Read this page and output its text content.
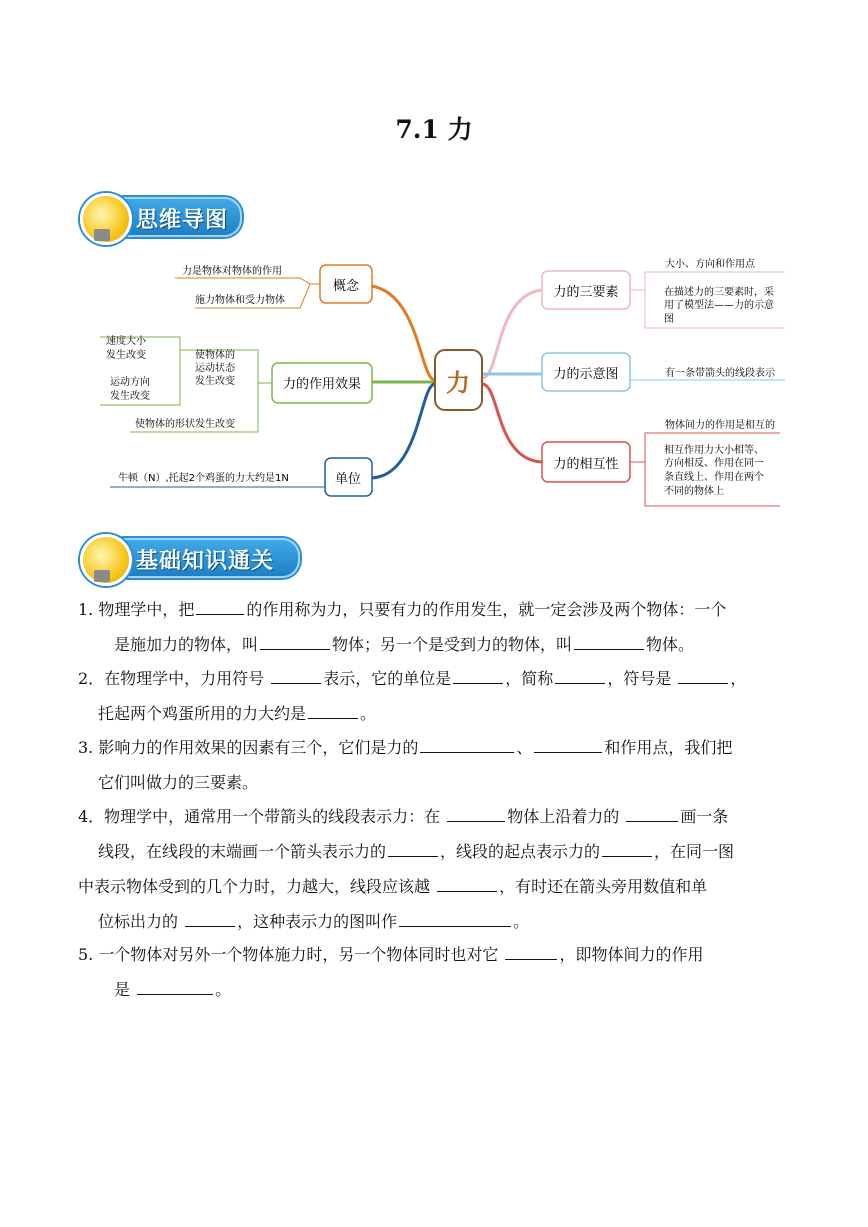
7.1 力
思维导图
力
概念
力是物体对物体的作用
施力物体和受力物体
力的作用效果
使物体的
运动状态
发生改变
速度大小
发生改变
运动方向
发生改变
使物体的形状发生改变
单位
牛顿（N）,托起2个鸡蛋的力大约是1N
力的三要素
大小、方向和作用点
在描述力的三要素时，采
用了模型法——力的示意
图
力的示意图	有一条带箭头的线段表示
力的相互性
物体间力的作用是相互的
相互作用力大小相等、
方向相反、作用在同一
条直线上、作用在两个
不同的物体上
基础知识通关
1. 物理学中，把	的作用称为力，只要有力的作用发生，就一定会涉及两个物体：一个
是施加力的物体，叫	物体；另一个是受到力的物体，叫	物体。
2．在物理学中，力用符号	表示，它的单位是	，简称	，符号是	，
托起两个鸡蛋所用的力大约是	。
3. 影响力的作用效果的因素有三个，它们是力的	、	和作用点，我们把
它们叫做力的三要素。
4．物理学中，通常用一个带箭头的线段表示力：在	物体上沿着力的	画一条
线段，在线段的末端画一个箭头表示力的	，线段的起点表示力的	，在同一图
中表示物体受到的几个力时，力越大，线段应该越	，有时还在箭头旁用数值和单
位标出力的	，这种表示力的图叫作	。
5. 一个物体对另外一个物体施力时，另一个物体同时也对它	，即物体间力的作用
是	。
